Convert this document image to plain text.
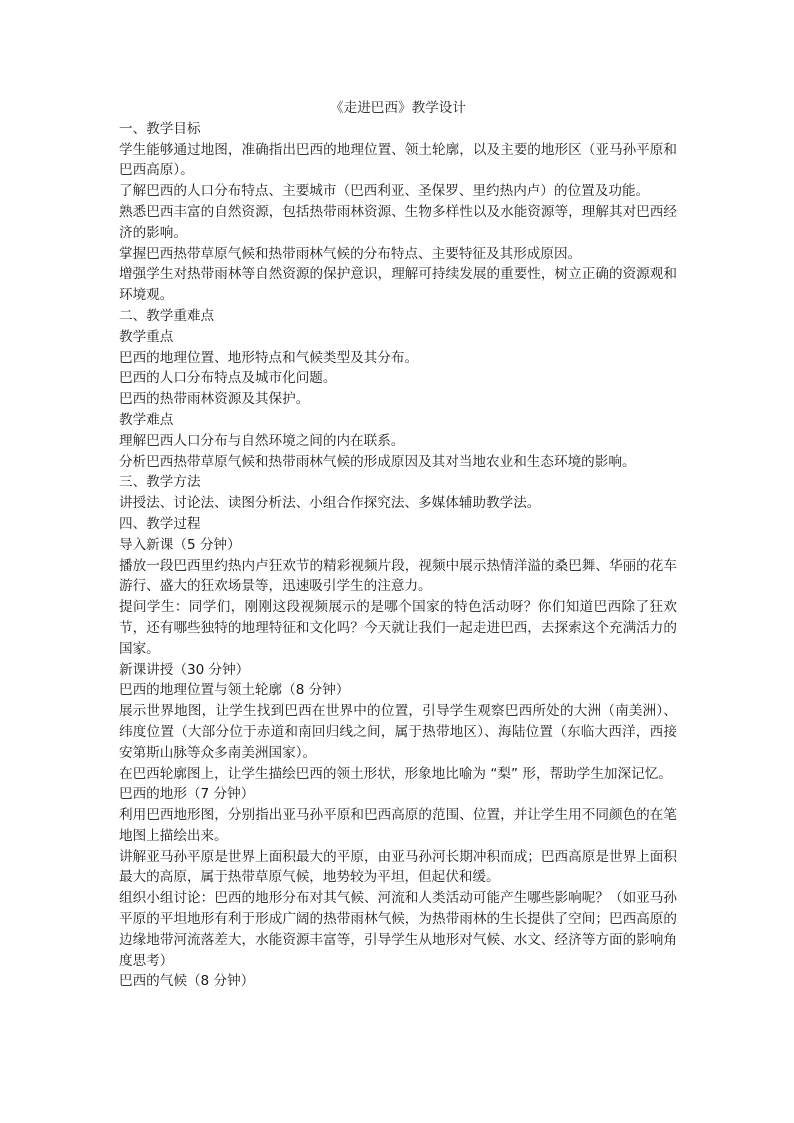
《走进巴西》教学设计

一、教学目标

学生能够通过地图，准确指出巴西的地理位置、领土轮廓，以及主要的地形区（亚马孙平原和巴西高原）。

了解巴西的人口分布特点、主要城市（巴西利亚、圣保罗、里约热内卢）的位置及功能。

熟悉巴西丰富的自然资源，包括热带雨林资源、生物多样性以及水能资源等，理解其对巴西经济的影响。

掌握巴西热带草原气候和热带雨林气候的分布特点、主要特征及其形成原因。

增强学生对热带雨林等自然资源的保护意识，理解可持续发展的重要性，树立正确的资源观和环境观。

二、教学重难点

教学重点

巴西的地理位置、地形特点和气候类型及其分布。

巴西的人口分布特点及城市化问题。

巴西的热带雨林资源及其保护。

教学难点

理解巴西人口分布与自然环境之间的内在联系。

分析巴西热带草原气候和热带雨林气候的形成原因及其对当地农业和生态环境的影响。

三、教学方法

讲授法、讨论法、读图分析法、小组合作探究法、多媒体辅助教学法。

四、教学过程

导入新课（5 分钟）

播放一段巴西里约热内卢狂欢节的精彩视频片段，视频中展示热情洋溢的桑巴舞、华丽的花车游行、盛大的狂欢场景等，迅速吸引学生的注意力。

提问学生：同学们，刚刚这段视频展示的是哪个国家的特色活动呀？你们知道巴西除了狂欢节，还有哪些独特的地理特征和文化吗？今天就让我们一起走进巴西，去探索这个充满活力的国家。

新课讲授（30 分钟）

巴西的地理位置与领土轮廓（8 分钟）

展示世界地图，让学生找到巴西在世界中的位置，引导学生观察巴西所处的大洲（南美洲）、纬度位置（大部分位于赤道和南回归线之间，属于热带地区）、海陆位置（东临大西洋，西接安第斯山脉等众多南美洲国家）。

在巴西轮廓图上，让学生描绘巴西的领土形状，形象地比喻为 “梨” 形，帮助学生加深记忆。

巴西的地形（7 分钟）

利用巴西地形图，分别指出亚马孙平原和巴西高原的范围、位置，并让学生用不同颜色的在笔地图上描绘出来。

讲解亚马孙平原是世界上面积最大的平原，由亚马孙河长期冲积而成；巴西高原是世界上面积最大的高原，属于热带草原气候，地势较为平坦，但起伏和缓。

组织小组讨论：巴西的地形分布对其气候、河流和人类活动可能产生哪些影响呢？（如亚马孙平原的平坦地形有利于形成广阔的热带雨林气候，为热带雨林的生长提供了空间；巴西高原的边缘地带河流落差大，水能资源丰富等，引导学生从地形对气候、水文、经济等方面的影响角度思考）

巴西的气候（8 分钟）
